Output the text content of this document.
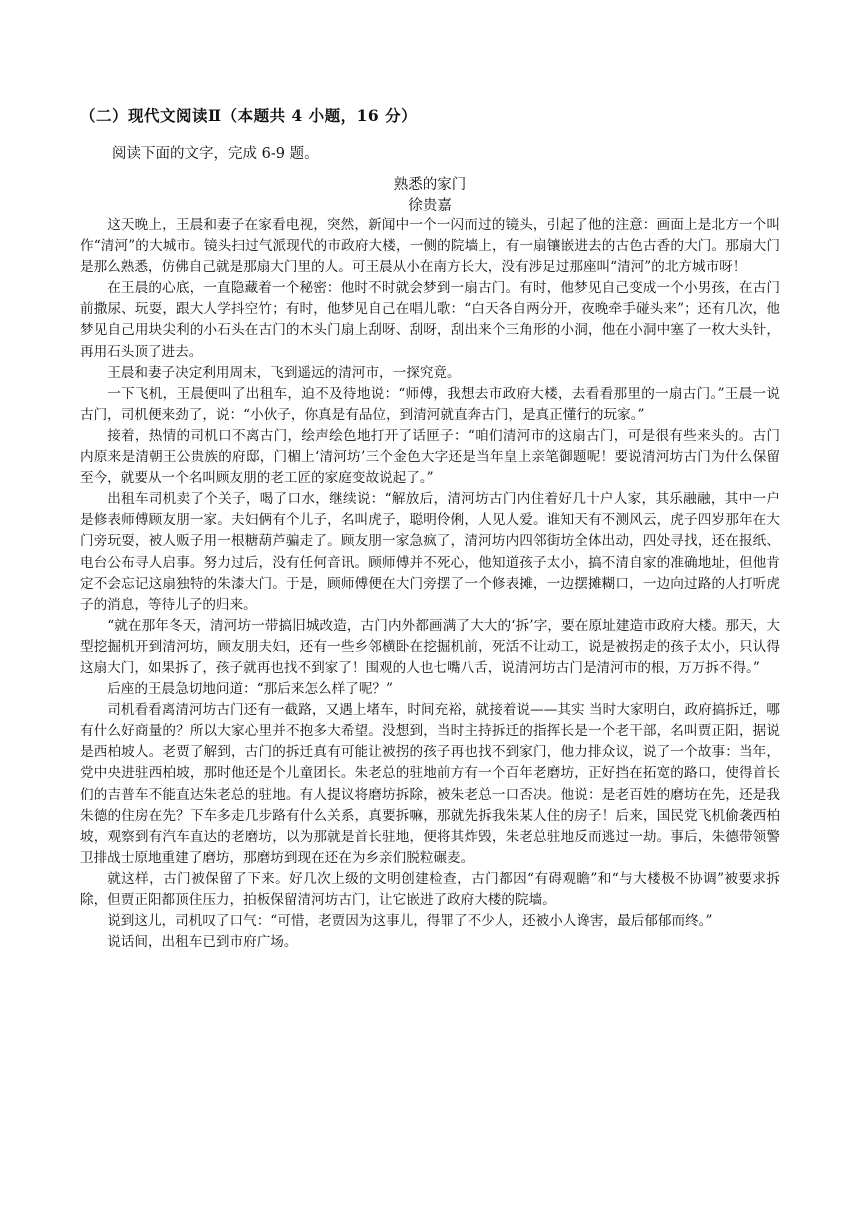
（二）现代文阅读Ⅱ（本题共 4 小题，16 分）
阅读下面的文字，完成 6-9 题。
熟悉的家门
徐贵嘉

这天晚上，王晨和妻子在家看电视，突然，新闻中一个一闪而过的镜头，引起了他的注意：画面上是北方一个叫作“清河”的大城市。镜头扫过气派现代的市政府大楼，一侧的院墙上，有一扇镶嵌进去的古色古香的大门。那扇大门是那么熟悉，仿佛自己就是那扇大门里的人。可王晨从小在南方长大，没有涉足过那座叫“清河”的北方城市呀！

在王晨的心底，一直隐藏着一个秘密：他时不时就会梦到一扇古门。有时，他梦见自己变成一个小男孩，在古门前撒尿、玩耍，跟大人学抖空竹；有时，他梦见自己在唱儿歌：“白天各自两分开，夜晚牵手碰头来”；还有几次，他梦见自己用块尖利的小石头在古门的木头门扇上刮呀、刮呀，刮出来个三角形的小洞，他在小洞中塞了一枚大头针，再用石头顶了进去。

王晨和妻子决定利用周末，飞到遥远的清河市，一探究竟。

一下飞机，王晨便叫了出租车，迫不及待地说：“师傅，我想去市政府大楼，去看看那里的一扇古门。”王晨一说古门，司机便来劲了，说：“小伙子，你真是有品位，到清河就直奔古门，是真正懂行的玩家。”

接着，热情的司机口不离古门，绘声绘色地打开了话匣子：“咱们清河市的这扇古门，可是很有些来头的。古门内原来是清朝王公贵族的府邸，门楣上‘清河坊’三个金色大字还是当年皇上亲笔御题呢！要说清河坊古门为什么保留至今，就要从一个名叫顾友朋的老工匠的家庭变故说起了。”

出租车司机卖了个关子，喝了口水，继续说：“解放后，清河坊古门内住着好几十户人家，其乐融融，其中一户是修表师傅顾友朋一家。夫妇俩有个儿子，名叫虎子，聪明伶俐，人见人爱。谁知天有不测风云，虎子四岁那年在大门旁玩耍，被人贩子用一根糖葫芦骗走了。顾友朋一家急疯了，清河坊内四邻街坊全体出动，四处寻找，还在报纸、电台公布寻人启事。努力过后，没有任何音讯。顾师傅并不死心，他知道孩子太小，搞不清自家的准确地址，但他肯定不会忘记这扇独特的朱漆大门。于是，顾师傅便在大门旁摆了一个修表摊，一边摆摊糊口，一边向过路的人打听虎子的消息，等待儿子的归来。

“就在那年冬天，清河坊一带搞旧城改造，古门内外都画满了大大的‘拆’字，要在原址建造市政府大楼。那天，大型挖掘机开到清河坊，顾友朋夫妇，还有一些乡邻横卧在挖掘机前，死活不让动工，说是被拐走的孩子太小，只认得这扇大门，如果拆了，孩子就再也找不到家了！围观的人也七嘴八舌，说清河坊古门是清河市的根，万万拆不得。”

后座的王晨急切地问道：“那后来怎么样了呢？”

司机看看离清河坊古门还有一截路，又遇上堵车，时间充裕，就接着说——其实 当时大家明白，政府搞拆迁，哪有什么好商量的？所以大家心里并不抱多大希望。没想到，当时主持拆迁的指挥长是一个老干部，名叫贾正阳，据说是西柏坡人。老贾了解到，古门的拆迁真有可能让被拐的孩子再也找不到家门，他力排众议，说了一个故事：当年，党中央进驻西柏坡，那时他还是个儿童团长。朱老总的驻地前方有一个百年老磨坊，正好挡在拓宽的路口，使得首长们的吉普车不能直达朱老总的驻地。有人提议将磨坊拆除，被朱老总一口否决。他说：是老百姓的磨坊在先，还是我朱德的住房在先？下车多走几步路有什么关系，真要拆嘛，那就先拆我朱某人住的房子！后来，国民党飞机偷袭西柏坡，观察到有汽车直达的老磨坊，以为那就是首长驻地，便将其炸毁，朱老总驻地反而逃过一劫。事后，朱德带领警卫排战士原地重建了磨坊，那磨坊到现在还在为乡亲们脱粒碾麦。

就这样，古门被保留了下来。好几次上级的文明创建检查，古门都因“有碍观瞻”和“与大楼极不协调”被要求拆除，但贾正阳都顶住压力，拍板保留清河坊古门，让它嵌进了政府大楼的院墙。

说到这儿，司机叹了口气：“可惜，老贾因为这事儿，得罪了不少人，还被小人谗害，最后郁郁而终。”

说话间，出租车已到市府广场。
